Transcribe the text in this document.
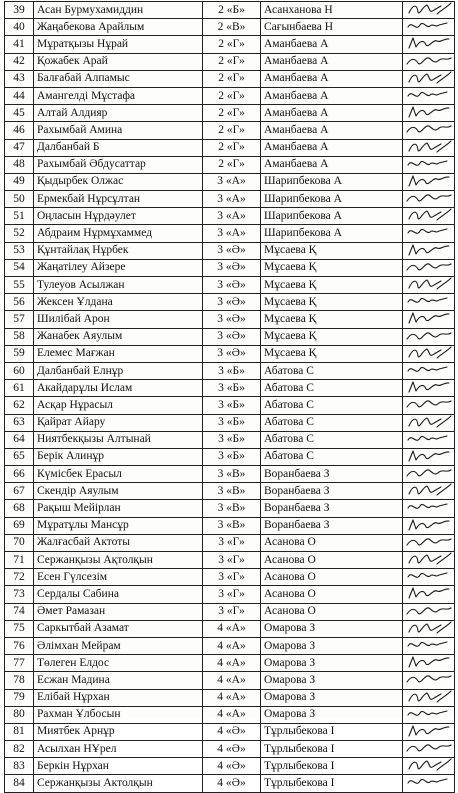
39	Асан Бурмухамиддин	2 «Б»	Асанханова Н	

40	Жаңабекова Арайлым	2 «В»	Сағынбаева Н	

41	Мұратқызы Нұрай	2 «Г»	Аманбаева А	

42	Қожабек Арай	2 «Г»	Аманбаева А	

43	Балғабай Алпамыс	2 «Г»	Аманбаева А	

44	Амангелді Мұстафа	2 «Г»	Аманбаева А	

45	Алтай Алдияр	2 «Г»	Аманбаева А	

46	Рахымбай Амина	2 «Г»	Аманбаева А	

47	Далбанбай Б	2 «Г»	Аманбаева А	

48	Рахымбай Әбдусаттар	2 «Г»	Аманбаева А	

49	Қыдырбек Олжас	3 «А»	Шарипбекова А	

50	Ермекбай Нұрсұлтан	3 «А»	Шарипбекова А	

51	Оңласын Нұрдәулет	3 «А»	Шарипбекова А	

52	Абдраим Нұрмұхаммед	3 «А»	Шарипбекова А	

53	Құнтайлақ Нұрбек	3 «Ә»	Мұсаева Қ	

54	Жаңатілеу Айзере	3 «Ә»	Мұсаева Қ	

55	Тулеуов Асылжан	3 «Ә»	Мұсаева Қ	

56	Жексен Ұлдана	3 «Ә»	Мұсаева Қ	

57	Шилібай Арон	3 «Ә»	Мұсаева Қ	

58	Жанабек Аяулым	3 «Ә»	Мұсаева Қ	

59	Елемес Мағжан	3 «Ә»	Мұсаева Қ	

60	Далбанбай Елнұр	3 «Б»	Абатова С	

61	Акайдарұлы Ислам	3 «Б»	Абатова С	

62	Асқар Нұрасыл	3 «Б»	Абатова С	

63	Қайрат Айару	3 «Б»	Абатова С	

64	Ниятбекқызы Алтынай	3 «Б»	Абатова С	

65	Берік Алинұр	3 «Б»	Абатова С	

66	Күмісбек Ерасыл	3 «В»	Воранбаева З	

67	Скендір Аяулым	3 «В»	Воранбаева З	

68	Рақыш Мейірлан	3 «В»	Воранбаева З	

69	Мұратұлы Мансұр	3 «В»	Воранбаева З	

70	Жалғасбай Актоты	3 «Г»	Асанова О	

71	Сержанқызы Ақтолқын	3 «Г»	Асанова О	

72	Есен Гүлсезім	3 «Г»	Асанова О	

73	Сердалы Сабина	3 «Г»	Асанова О	

74	Әмет Рамазан	3 «Г»	Асанова О	

75	Саркытбай Азамат	4 «А»	Омарова З	

76	Әлімхан Мейрам	4 «А»	Омарова З	

77	Төлеген Елдос	4 «А»	Омарова З	

78	Есжан Мадина	4 «А»	Омарова З	

79	Елібай Нұрхан	4 «А»	Омарова З	

80	Рахман Ұлбосын	4 «А»	Омарова З	

81	Миятбек Арнұр	4 «Ә»	Тұрлыбекова І	

82	Асылхан НҰрел	4 «Ә»	Тұрлыбекова І	

83	Беркін Нұрхан	4 «Ә»	Тұрлыбекова І	

84	Сержанқызы Актолқын	4 «Ә»	Тұрлыбекова І	
